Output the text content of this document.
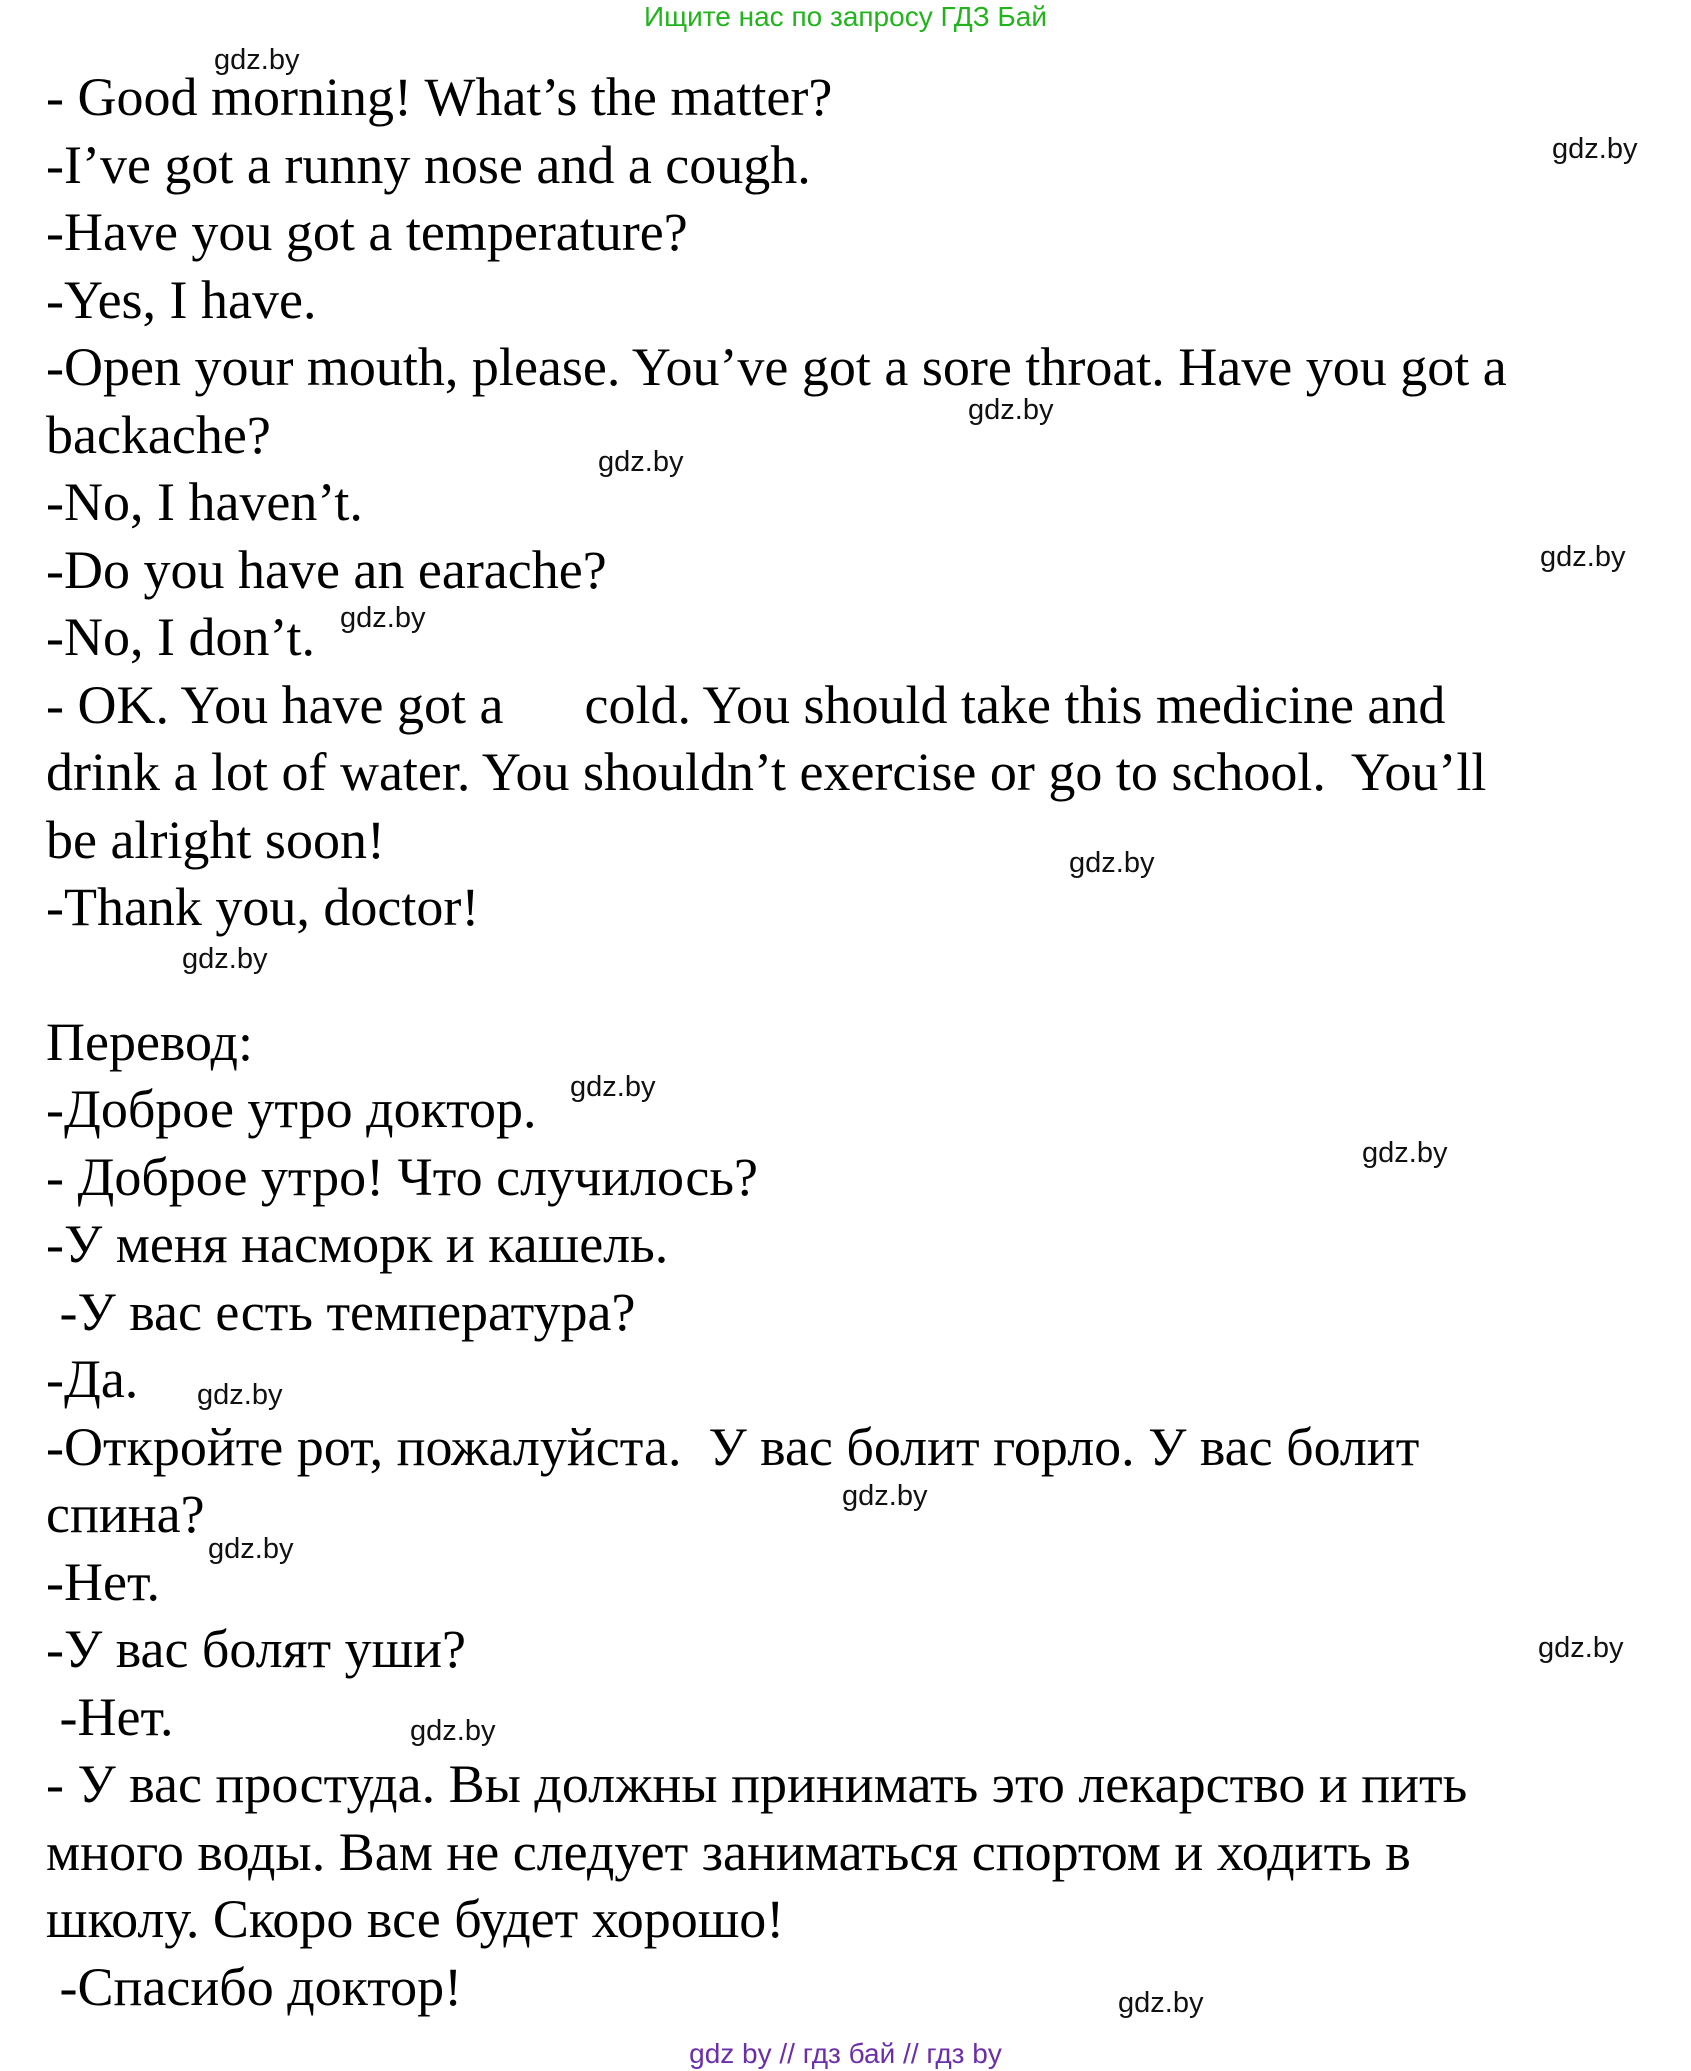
Ищите нас по запросу ГДЗ Бай
- Good morning! What’s the matter?
-I’ve got a runny nose and a cough.
-Have you got a temperature?
-Yes, I have.
-Open your mouth, please. You’ve got a sore throat. Have you got a
backache?
-No, I haven’t.
-Do you have an earache?
-No, I don’t.
- OK. You have got a      cold. You should take this medicine and
drink a lot of water. You shouldn’t exercise or go to school.  You’ll
be alright soon!
-Thank you, doctor!
Перевод:
-Доброе утро доктор.
- Доброе утро! Что случилось?
-У меня насморк и кашель.
-У вас есть температура?
-Да.
-Откройте рот, пожалуйста.  У вас болит горло. У вас болит
спина?
-Нет.
-У вас болят уши?
-Нет.
- У вас простуда. Вы должны принимать это лекарство и пить
много воды. Вам не следует заниматься спортом и ходить в
школу. Скоро все будет хорошо!
-Спасибо доктор!
gdz.by
gdz.by
gdz.by
gdz.by
gdz.by
gdz.by
gdz.by
gdz.by
gdz.by
gdz.by
gdz.by
gdz.by
gdz.by
gdz.by
gdz.by
gdz.by
gdz by // гдз бай // гдз by
